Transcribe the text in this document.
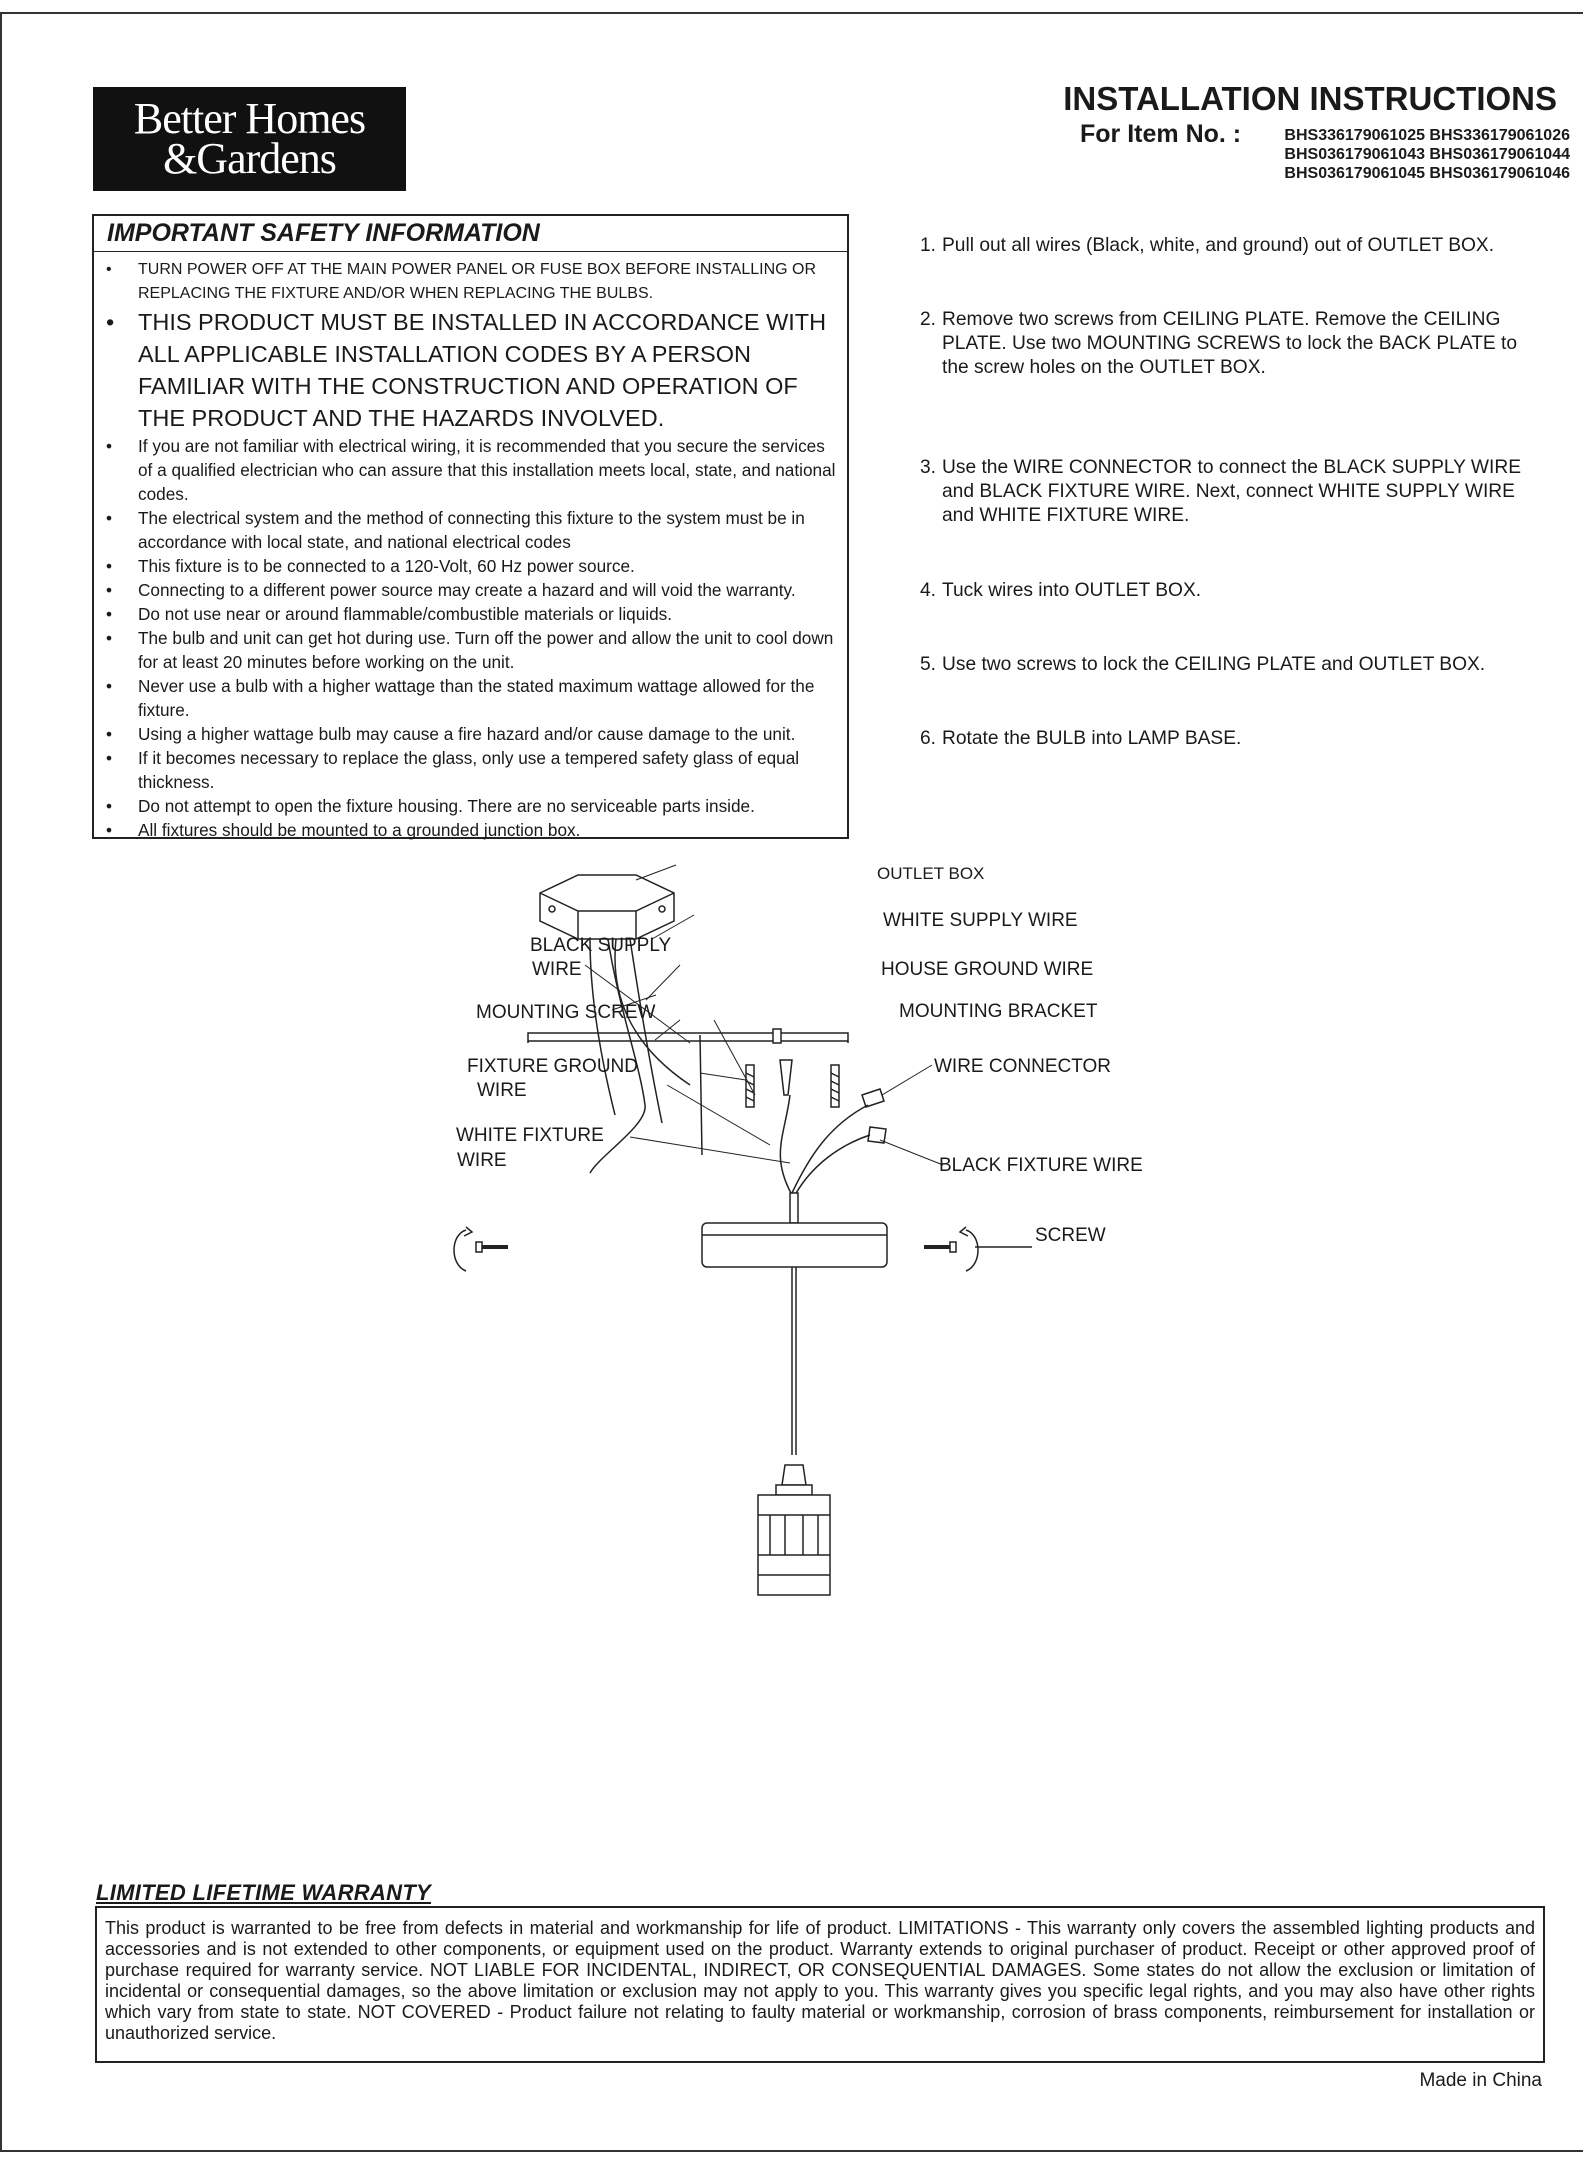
Better Homes
&Gardens
INSTALLATION INSTRUCTIONS
For Item No. :	BHS336179061025 BHS336179061026
BHS036179061043 BHS036179061044
BHS036179061045 BHS036179061046
IMPORTANT SAFETY INFORMATION
• TURN POWER OFF AT THE MAIN POWER PANEL OR FUSE BOX BEFORE INSTALLING OR REPLACING THE FIXTURE AND/OR WHEN REPLACING THE BULBS.
• THIS PRODUCT MUST BE INSTALLED IN ACCORDANCE WITH ALL APPLICABLE INSTALLATION CODES BY A PERSON FAMILIAR WITH THE CONSTRUCTION AND OPERATION OF THE PRODUCT AND THE HAZARDS INVOLVED.
• If you are not familiar with electrical wiring, it is recommended that you secure the services of a qualified electrician who can assure that this installation meets local, state, and national codes.
• The electrical system and the method of connecting this fixture to the system must be in accordance with local state, and national electrical codes
• This fixture is to be connected to a 120-Volt, 60 Hz power source.
• Connecting to a different power source may create a hazard and will void the warranty.
• Do not use near or around flammable/combustible materials or liquids.
• The bulb and unit can get hot during use. Turn off the power and allow the unit to cool down for at least 20 minutes before working on the unit.
• Never use a bulb with a higher wattage than the stated maximum wattage allowed for the fixture.
• Using a higher wattage bulb may cause a fire hazard and/or cause damage to the unit.
• If it becomes necessary to replace the glass, only use a tempered safety glass of equal thickness.
• Do not attempt to open the fixture housing. There are no serviceable parts inside.
• All fixtures should be mounted to a grounded junction box.
1. Pull out all wires (Black, white, and ground) out of OUTLET BOX.
2. Remove two screws from CEILING PLATE. Remove the CEILING PLATE. Use two MOUNTING SCREWS to lock the BACK PLATE to the screw holes on the OUTLET BOX.
3. Use the WIRE CONNECTOR to connect the BLACK SUPPLY WIRE and BLACK FIXTURE WIRE. Next, connect WHITE SUPPLY WIRE and WHITE FIXTURE WIRE.
4. Tuck wires into OUTLET BOX.
5. Use two screws to lock the CEILING PLATE and OUTLET BOX.
6. Rotate the BULB into LAMP BASE.
OUTLET BOX
WHITE SUPPLY WIRE
BLACK SUPPLY
WIRE	HOUSE GROUND WIRE
MOUNTING SCREW	MOUNTING BRACKET
FIXTURE GROUND
WIRE
WIRE CONNECTOR
WHITE FIXTURE
WIRE	BLACK FIXTURE WIRE
SCREW
LIMITED LIFETIME WARRANTY
This product is warranted to be free from defects in material and workmanship for life of product. LIMITATIONS - This warranty only covers the assembled lighting products and accessories and is not extended to other components, or equipment used on the product. Warranty extends to original purchaser of product. Receipt or other approved proof of purchase required for warranty service. NOT LIABLE FOR INCIDENTAL, INDIRECT, OR CONSEQUENTIAL DAMAGES. Some states do not allow the exclusion or limitation of incidental or consequential damages, so the above limitation or exclusion may not apply to you. This warranty gives you specific legal rights, and you may also have other rights which vary from state to state. NOT COVERED - Product failure not relating to faulty material or workmanship, corrosion of brass components, reimbursement for installation or unauthorized service.
Made in China
